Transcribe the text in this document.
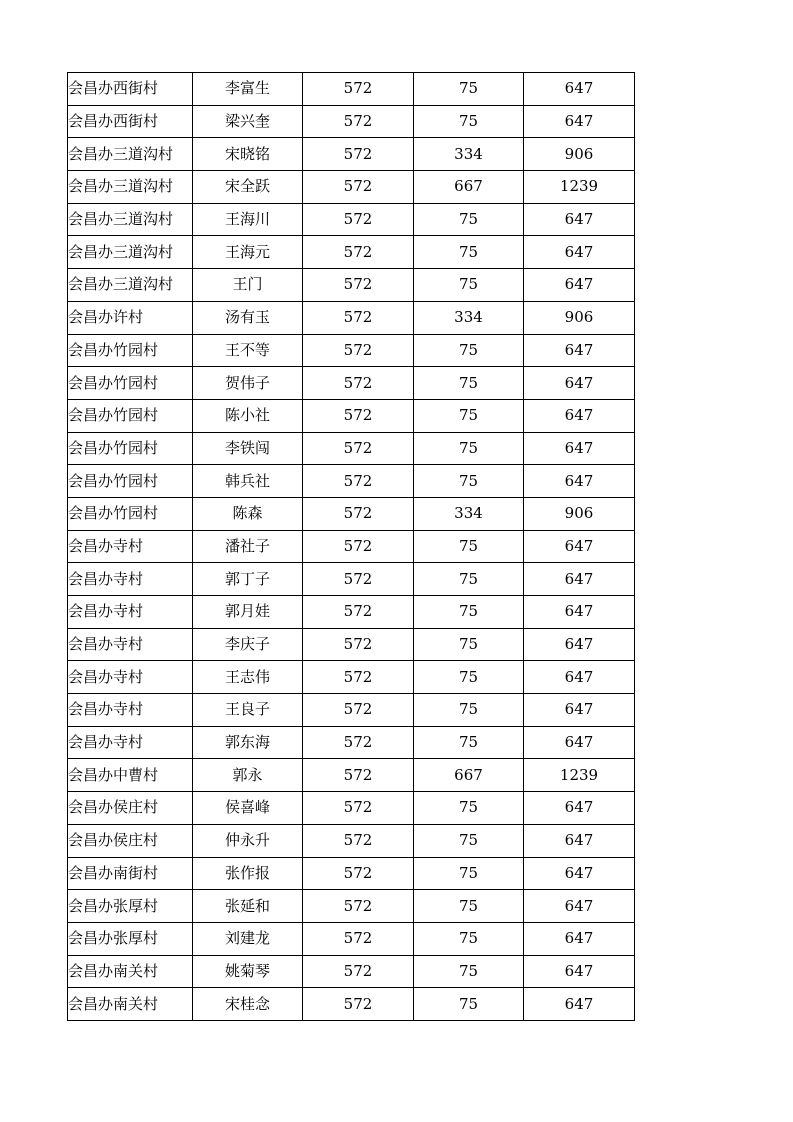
会昌办西街村	李富生	572	75	647
会昌办西街村	梁兴奎	572	75	647
会昌办三道沟村	宋晓铭	572	334	906
会昌办三道沟村	宋全跃	572	667	1239
会昌办三道沟村	王海川	572	75	647
会昌办三道沟村	王海元	572	75	647
会昌办三道沟村	王门	572	75	647
会昌办许村	汤有玉	572	334	906
会昌办竹园村	王不等	572	75	647
会昌办竹园村	贺伟子	572	75	647
会昌办竹园村	陈小社	572	75	647
会昌办竹园村	李铁闯	572	75	647
会昌办竹园村	韩兵社	572	75	647
会昌办竹园村	陈森	572	334	906
会昌办寺村	潘社子	572	75	647
会昌办寺村	郭丁子	572	75	647
会昌办寺村	郭月娃	572	75	647
会昌办寺村	李庆子	572	75	647
会昌办寺村	王志伟	572	75	647
会昌办寺村	王良子	572	75	647
会昌办寺村	郭东海	572	75	647
会昌办中曹村	郭永	572	667	1239
会昌办侯庄村	侯喜峰	572	75	647
会昌办侯庄村	仲永升	572	75	647
会昌办南街村	张作报	572	75	647
会昌办张厚村	张延和	572	75	647
会昌办张厚村	刘建龙	572	75	647
会昌办南关村	姚菊琴	572	75	647
会昌办南关村	宋桂念	572	75	647
